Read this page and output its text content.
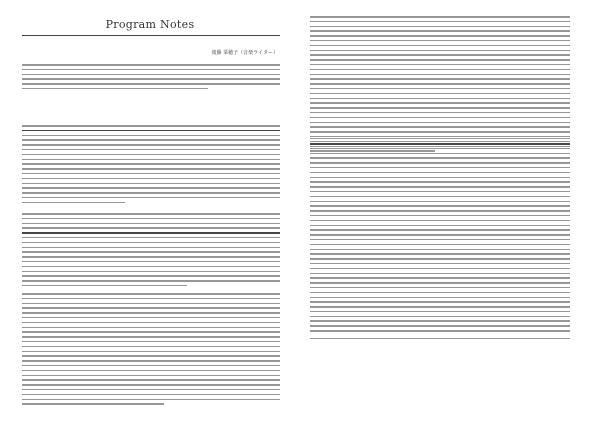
Program Notes
後藤 菜穂子（音楽ライター）
